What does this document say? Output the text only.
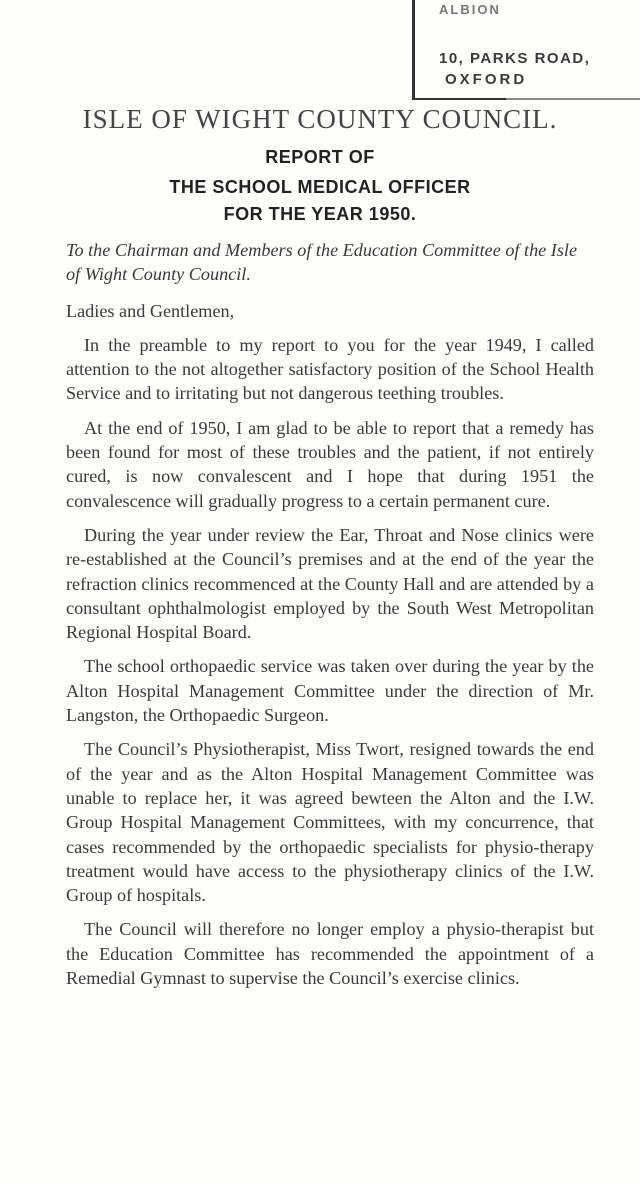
ALBION
10, PARKS ROAD,
OXFORD
ISLE OF WIGHT COUNTY COUNCIL.
REPORT OF
THE SCHOOL MEDICAL OFFICER
FOR THE YEAR 1950.

To the Chairman and Members of the Education Committee of the Isle of Wight County Council.

Ladies and Gentlemen,

In the preamble to my report to you for the year 1949, I called attention to the not altogether satisfactory position of the School Health Service and to irritating but not dangerous teething troubles.

At the end of 1950, I am glad to be able to report that a remedy has been found for most of these troubles and the patient, if not entirely cured, is now convalescent and I hope that during 1951 the convalescence will gradually progress to a certain permanent cure.

During the year under review the Ear, Throat and Nose clinics were re-established at the Council’s premises and at the end of the year the refraction clinics recommenced at the County Hall and are attended by a consultant ophthalmologist employed by the South West Metropolitan Regional Hospital Board.

The school orthopaedic service was taken over during the year by the Alton Hospital Management Committee under the direction of Mr. Langston, the Orthopaedic Surgeon.

The Council’s Physiotherapist, Miss Twort, resigned towards the end of the year and as the Alton Hospital Management Committee was unable to replace her, it was agreed bewteen the Alton and the I.W. Group Hospital Management Committees, with my concurrence, that cases recommended by the orthopaedic specialists for physio-therapy treatment would have access to the physiotherapy clinics of the I.W. Group of hospitals.

The Council will therefore no longer employ a physio-therapist but the Education Committee has recommended the appointment of a Remedial Gymnast to supervise the Council’s exercise clinics.
